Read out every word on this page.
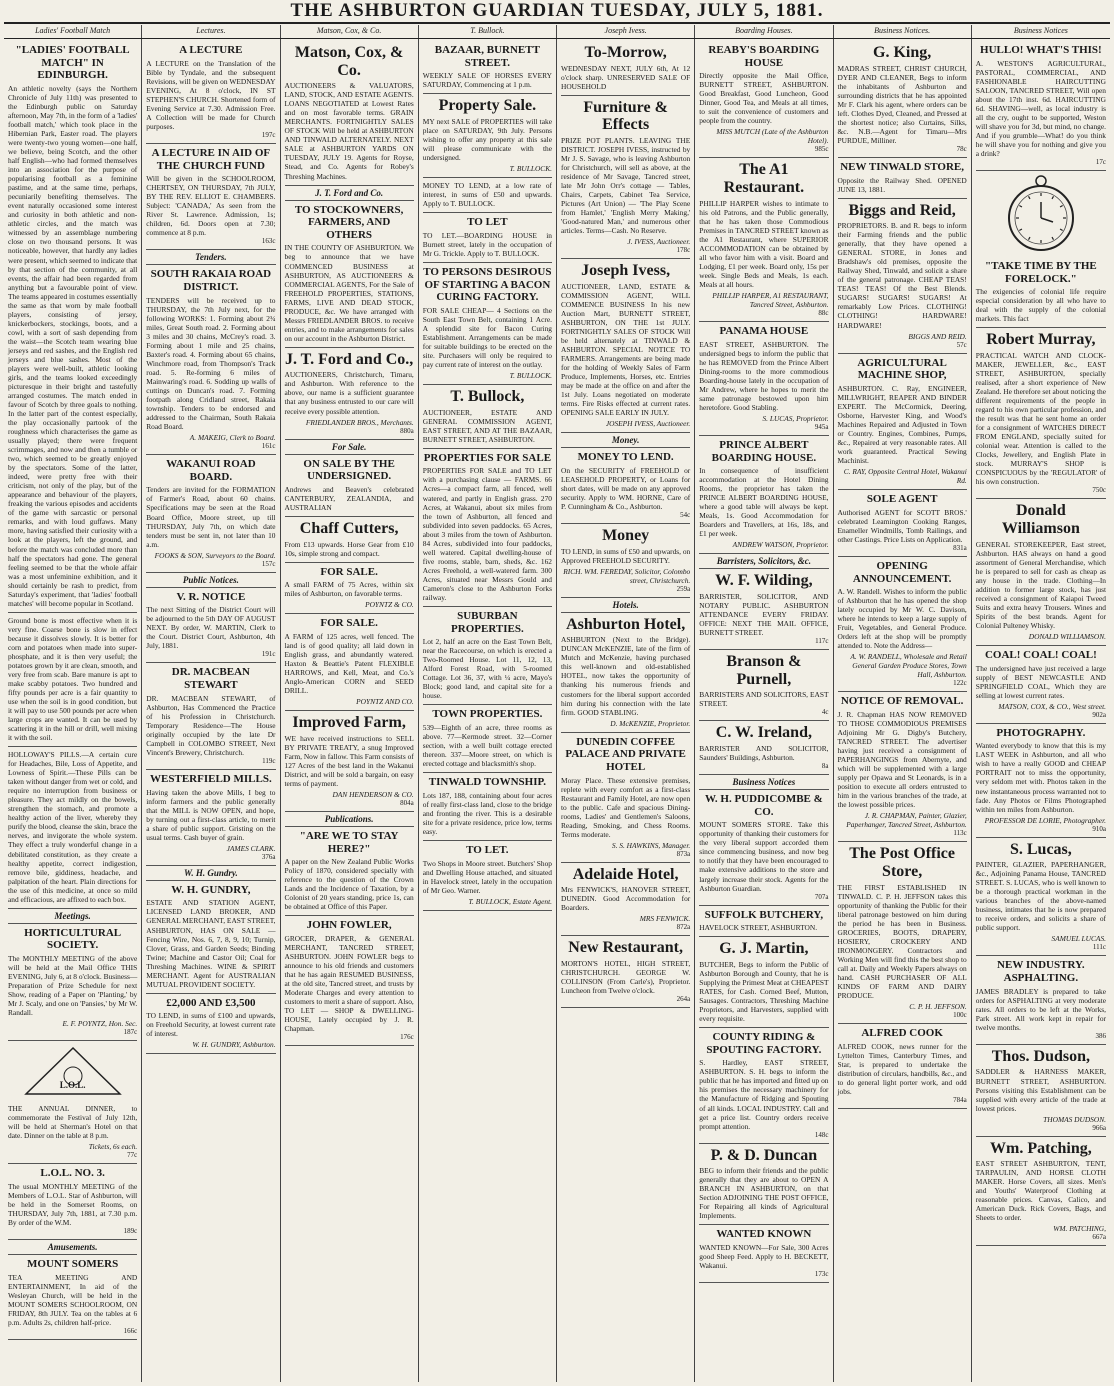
THE ASHBURTON GUARDIAN TUESDAY, JULY 5, 1881.
Ladies' Football Match	Lectures.	Matson, Cox, & Co.	T. Bullock.	Joseph Ivess.	Boarding Houses.	Business Notices.	Business Notices
"LADIES' FOOTBALL MATCH" IN EDINBURGH.
An athletic novelty (says the Northern Chronicle of July 11th) was presented to the Edinburgh public on Saturday afternoon, May 7th, in the form of a 'ladies' football match,' which took place in the Hibernian Park, Easter road. The players were twenty-two young women—one half, we believe, being Scotch, and the other half English—who had formed themselves into an association for the purpose of popularising football as a feminine pastime, and at the same time, perhaps, pecuniarily benefiting themselves. The event naturally occasioned some interest and curiosity in both athletic and non-athletic circles, and the match was witnessed by an assemblage numbering close on two thousand persons. It was noticeable, however, that hardly any ladies were present, which seemed to indicate that by that section of the community, at all events, the affair had been regarded from anything but a favourable point of view. The teams appeared in costumes essentially the same as that worn by male football players, consisting of jersey, knickerbockers, stockings, boots, and a cowl, with a sort of sash depending from the waist—the Scotch team wearing blue jerseys and red sashes, and the English red jerseys and blue sashes. Most of the players were well-built, athletic looking girls, and the teams looked exceedingly picturesque in their bright and tastefully arranged costumes. The match ended in favour of Scotch by three goals to nothing. In the latter part of the contest especially, the play occasionally partook of the roughness which characterises the game as usually played; there were frequent scrimmages, and now and then a tumble or two, which seemed to be greatly enjoyed by the spectators. Some of the latter, indeed, were pretty free with their criticism, not only of the play, but of the appearance and behaviour of the players, freaking the various episodes and accidents of the game with sarcastic or personal remarks, and with loud guffaws. Many more, having satisfied their curiosity with a look at the players, left the ground, and before the match was concluded more than half the spectators had gone. The general feeling seemed to be that the whole affair was a most unfeminine exhibition, and it should certainly be rash to predict, from Saturday's experiment, that 'ladies' football matches' will become popular in Scotland.
Ground bone is most effective when it is very fine. Coarse bone is slow in effect because it dissolves slowly. It is better for corn and potatoes when made into super-phosphate, and it is then very useful; the potatoes grown by it are clean, smooth, and very free from scab. Bare manure is apt to make scabby potatoes. Two hundred and fifty pounds per acre is a fair quantity to use when the soil is in good condition, but it will pay to use 500 pounds per acre when large crops are wanted. It can be used by scattering it in the hill or drill, well mixing it with the soil.
HOLLOWAY'S PILLS.—A certain cure for Headaches, Bile, Loss of Appetite, and Lowness of Spirit.—These Pills can be taken without danger from wet or cold, and require no interruption from business or pleasure. They act mildly on the bowels, strengthen the stomach, and promote a healthy action of the liver, whereby they purify the blood, cleanse the skin, brace the nerves, and invigorate the whole system. They effect a truly wonderful change in a debilitated constitution, as they create a healthy appetite, correct indigestion, remove bile, giddiness, headache, and palpitation of the heart. Plain directions for the use of this medicine, at once so mild and efficacious, are affixed to each box.
Meetings.
HORTICULTURAL SOCIETY.
The MONTHLY MEETING of the above will be held at the Mail Office THIS EVENING, July 6, at 8 o'clock. Business—Preparation of Prize Schedule for next Show, reading of a Paper on 'Planting,' by Mr J. Scaly, and one on 'Pansies,' by Mr W. Randall.
E. F. POYNTZ, Hon. Sec.
187c
L.O.L.
THE ANNUAL DINNER, to commemorate the Festival of July 12th, will be held at Sherman's Hotel on that date. Dinner on the table at 8 p.m.
Tickets, 6s each.
77c
L.O.L. NO. 3.
The usual MONTHLY MEETING of the Members of L.O.L. Star of Ashburton, will be held in the Somerset Rooms, on THURSDAY, July 7th, 1881, at 7.30 p.m. By order of the W.M.
189c
Amusements.
MOUNT SOMERS
TEA MEETING AND ENTERTAINMENT, In aid of the Wesleyan Church, will be held in the MOUNT SOMERS SCHOOLROOM, ON FRIDAY, 8th JULY. Tea on the tables at 6 p.m. Adults 2s, children half-price.
166c
A LECTURE
A LECTURE on the Translation of the Bible by Tyndale, and the subsequent Revisions, will be given on WEDNESDAY EVENING, At 8 o'clock, IN ST STEPHEN'S CHURCH. Shortened form of Evening Service at 7.30. Admission Free. A Collection will be made for Church purposes.
197c
A LECTURE IN AID OF THE CHURCH FUND
Will be given in the SCHOOLROOM, CHERTSEY, ON THURSDAY, 7th JULY, BY THE REV. ELLIOT E. CHAMBERS. Subject: 'CANADA,' As seen from the River St. Lawrence. Admission, 1s; children, 6d. Doors open at 7.30; commence at 8 p.m.
163c
Tenders.
SOUTH RAKAIA ROAD DISTRICT.
TENDERS will be received up to THURSDAY, the 7th July next, for the following WORKS: 1. Forming about 2¾ miles, Great South road. 2. Forming about 3 miles and 30 chains, McCrey's road. 3. Forming about 1 mile and 25 chains, Baxter's road. 4. Forming about 65 chains, Winchmore road, from Thompson's Track road. 5. Re-forming 6 miles of Mainwaring's road. 6. Sodding up walls of cuttings on Duncan's road. 7. Forming footpath along Cridland street, Rakaia township. Tenders to be endorsed and addressed to the Chairman, South Rakaia Road Board.
A. MAKEIG, Clerk to Board.
161c
WAKANUI ROAD BOARD.
Tenders are invited for the FORMATION of Farmer's Road, about 60 chains. Specifications may be seen at the Road Board Office, Moore street, up till THURSDAY, July 7th, on which date tenders must be sent in, not later than 10 a.m.
FOOKS & SON, Surveyors to the Board.
157c
Public Notices.
V. R. NOTICE
The next Sitting of the District Court will be adjourned to the 5th DAY OF AUGUST NEXT. By order, W. MARTIN, Clerk to the Court. District Court, Ashburton, 4th July, 1881.
191c
DR. MACBEAN STEWART
DR. MACBEAN STEWART, of Ashburton, Has Commenced the Practice of his Profession in Christchurch. Temporary Residence—The House originally occupied by the late Dr Campbell in COLOMBO STREET, Next Vincent's Brewery, Christchurch.
119c
WESTERFIELD MILLS.
Having taken the above Mills, I beg to inform farmers and the public generally that the MILL is NOW OPEN, and hope, by turning out a first-class article, to merit a share of public support. Gristing on the usual terms. Cash buyer of grain.
JAMES CLARK.
376a
W. H. Gundry.
W. H. GUNDRY,
ESTATE AND STATION AGENT, LICENSED LAND BROKER, AND GENERAL MERCHANT, EAST STREET, ASHBURTON, HAS ON SALE — Fencing Wire, Nos. 6, 7, 8, 9, 10; Turnip, Clover, Grass, and Garden Seeds; Binding Twine; Machine and Castor Oil; Coal for Threshing Machines. WINE & SPIRIT MERCHANT. Agent for AUSTRALIAN MUTUAL PROVIDENT SOCIETY.
£2,000 AND £3,500
TO LEND, in sums of £100 and upwards, on Freehold Security, at lowest current rate of interest.
W. H. GUNDRY, Ashburton.
Matson, Cox, & Co.
AUCTIONEERS & VALUATORS, LAND, STOCK, AND ESTATE AGENTS. LOANS NEGOTIATED at Lowest Rates and on most favorable terms. GRAIN MERCHANTS. FORTNIGHTLY SALES OF STOCK Will be held at ASHBURTON AND TINWALD ALTERNATELY. NEXT SALE at ASHBURTON YARDS ON TUESDAY, JULY 19. Agents for Royse, Stead, and Co. Agents for Robey's Threshing Machines.
J. T. Ford and Co.
TO STOCKOWNERS, FARMERS, AND OTHERS
IN THE COUNTY OF ASHBURTON. We beg to announce that we have COMMENCED BUSINESS at ASHBURTON, AS AUCTIONEERS & COMMERCIAL AGENTS, For the Sale of FREEHOLD PROPERTIES, STATIONS, FARMS, LIVE AND DEAD STOCK, PRODUCE, &c. We have arranged with Messrs FRIEDLANDER BROS. to receive entries, and to make arrangements for sales on our account in the Ashburton District.
J. T. Ford and Co.,
AUCTIONEERS, Christchurch, Timaru, and Ashburton. With reference to the above, our name is a sufficient guarantee that any business entrusted to our care will receive every possible attention.
FRIEDLANDER BROS., Merchants.
880a
For Sale.
ON SALE BY THE UNDERSIGNED.
Andrews and Beaven's celebrated CANTERBURY, ZEALANDIA, and AUSTRALIAN
Chaff Cutters,
From £13 upwards. Horse Gear from £10 10s, simple strong and compact.
FOR SALE.
A small FARM of 75 Acres, within six miles of Ashburton, on favorable terms.
POYNTZ & CO.
FOR SALE.
A FARM of 125 acres, well fenced. The land is of good quality; all laid down in English grass, and abundantly watered. Haxton & Beattie's Patent FLEXIBLE HARROWS, and Kell, Meat, and Co.'s Anglo-American CORN and SEED DRILL.
POYNTZ AND CO.
Improved Farm,
WE have received instructions to SELL BY PRIVATE TREATY, a snug Improved Farm, Now in fallow. This Farm consists of 127 Acres of the best land in the Wakanui District, and will be sold a bargain, on easy terms of payment.
DAN HENDERSON & CO.
804a
Publications.
"ARE WE TO STAY HERE?"
A paper on the New Zealand Public Works Policy of 1870, considered specially with reference to the question of the Crown Lands and the Incidence of Taxation, by a Colonist of 20 years standing, price 1s, can be obtained at Office of this Paper.
JOHN FOWLER,
GROCER, DRAPER, & GENERAL MERCHANT, TANCRED STREET, ASHBURTON. JOHN FOWLER begs to announce to his old friends and customers that he has again RESUMED BUSINESS, at the old site, Tancred street, and trusts by Moderate Charges and every attention to customers to merit a share of support. Also, TO LET — SHOP & DWELLING-HOUSE, Lately occupied by J. R. Chapman.
176c
BAZAAR, BURNETT STREET.
WEEKLY SALE OF HORSES EVERY SATURDAY, Commencing at 1 p.m.
Property Sale.
MY next SALE of PROPERTIES will take place on SATURDAY, 9th July. Persons wishing to offer any property at this sale will please communicate with the undersigned.
T. BULLOCK.
MONEY TO LEND, at a low rate of interest, in sums of £50 and upwards. Apply to T. BULLOCK.
TO LET
TO LET.—BOARDING HOUSE in Burnett street, lately in the occupation of Mr G. Trickle. Apply to T. BULLOCK.
TO PERSONS DESIROUS OF STARTING A BACON CURING FACTORY.
FOR SALE CHEAP— 4 Sections on the South East Town Belt, containing 1 Acre. A splendid site for Bacon Curing Establishment. Arrangements can be made for suitable buildings to be erected on the site. Purchasers will only be required to pay current rate of interest on the outlay.
T. BULLOCK.
T. Bullock,
AUCTIONEER, ESTATE AND GENERAL COMMISSION AGENT, EAST STREET, AND AT THE BAZAAR, BURNETT STREET, ASHBURTON.
PROPERTIES FOR SALE
PROPERTIES FOR SALE and TO LET with a purchasing clause — FARMS. 66 Acres—a compact farm, all fenced, well watered, and partly in English grass. 270 Acres, at Wakanui, about six miles from the town of Ashburton, all fenced and subdivided into seven paddocks. 65 Acres, about 3 miles from the town of Ashburton. 84 Acres, subdivided into four paddocks, well watered. Capital dwelling-house of five rooms, stable, barn, sheds, &c. 162 Acres Freehold, a well-watered farm. 300 Acres, situated near Messrs Gould and Cameron's close to the Ashburton Forks railway.
SUBURBAN PROPERTIES.
Lot 2, half an acre on the East Town Belt, near the Racecourse, on which is erected a Two-Roomed House. Lot 11, 12, 13, Alford Forest Road, with 5-roomed Cottage. Lot 36, 37, with ¼ acre, Mayo's Block; good land, and capital site for a house.
TOWN PROPERTIES.
539—Eighth of an acre, three rooms as above. 77—Kermode street. 32—Corner section, with a well built cottage erected thereon. 337—Moore street, on which is erected cottage and blacksmith's shop.
TINWALD TOWNSHIP.
Lots 187, 188, containing about four acres of really first-class land, close to the bridge and fronting the river. This is a desirable site for a private residence, price low, terms easy.
TO LET.
Two Shops in Moore street. Butchers' Shop and Dwelling House attached, and situated in Havelock street, lately in the occupation of Mr Geo. Warner.
T. BULLOCK, Estate Agent.
To-Morrow,
WEDNESDAY NEXT, JULY 6th, At 12 o'clock sharp. UNRESERVED SALE OF HOUSEHOLD
Furniture & Effects
PRIZE POT PLANTS. LEAVING THE DISTRICT. JOSEPH IVESS, instructed by Mr J. S. Savage, who is leaving Ashburton for Christchurch, will sell as above, at the residence of Mr Savage, Tancred street, late Mr John Orr's cottage — Tables, Chairs, Carpets, Cabinet Tea Service, Pictures (Art Union) — 'The Play Scene from Hamlet,' 'English Merry Making,' 'Good-natured Man,' and numerous other articles. Terms—Cash. No Reserve.
J. IVESS, Auctioneer.
178c
Joseph Ivess,
AUCTIONEER, LAND, ESTATE & COMMISSION AGENT, WILL COMMENCE BUSINESS In his new Auction Mart, BURNETT STREET, ASHBURTON, ON THE 1st JULY. FORTNIGHTLY SALES OF STOCK Will be held alternately at TINWALD & ASHBURTON. SPECIAL NOTICE TO FARMERS. Arrangements are being made for the holding of Weekly Sales of Farm Produce, Implements, Horses, etc. Entries may be made at the office on and after the 1st July. Loans negotiated on moderate terms. Fire Risks effected at current rates. OPENING SALE EARLY IN JULY.
JOSEPH IVESS, Auctioneer.
Money.
MONEY TO LEND.
On the SECURITY of FREEHOLD or LEASEHOLD PROPERTY, or Loans for short dates, will be made on any approved security. Apply to WM. HORNE, Care of P. Cunningham & Co., Ashburton.
54c
Money
TO LEND, in sums of £50 and upwards, on Approved FREEHOLD SECURITY.
RICH. WM. FEREDAY, Solicitor, Colombo street, Christchurch.
259a
Hotels.
Ashburton Hotel,
ASHBURTON (Next to the Bridge). DUNCAN McKENZIE, late of the firm of Mutch and McKenzie, having purchased this well-known and old-established HOTEL, now takes the opportunity of thanking his numerous friends and customers for the liberal support accorded him during his connection with the late firm. GOOD STABLING.
D. McKENZIE, Proprietor.
DUNEDIN COFFEE PALACE AND PRIVATE HOTEL
Moray Place. These extensive premises, replete with every comfort as a first-class Restaurant and Family Hotel, are now open to the public. Cafe and spacious Dining-rooms, Ladies' and Gentlemen's Saloons, Reading, Smoking, and Chess Rooms. Terms moderate.
S. S. HAWKINS, Manager.
873a
Adelaide Hotel,
Mrs FENWICK'S, HANOVER STREET, DUNEDIN. Good Accommodation for Boarders.
MRS FENWICK.
872a
New Restaurant,
MORTON'S HOTEL, HIGH STREET, CHRISTCHURCH. GEORGE W. COLLINSON (From Carle's), Proprietor. Luncheon from Twelve o'clock.
264a
REABY'S BOARDING HOUSE
Directly opposite the Mail Office, BURNETT STREET, ASHBURTON. Good Breakfast, Good Luncheon, Good Dinner, Good Tea, and Meals at all times, to suit the convenience of customers and people from the country.
MISS MUTCH (Late of the Ashburton Hotel).
985c
The A1 Restaurant.
PHILLIP HARPER wishes to intimate to his old Patrons, and the Public generally, that he has taken those Commodious Premises in TANCRED STREET known as the A1 Restaurant, where SUPERIOR ACCOMMODATION can be obtained by all who favor him with a visit. Board and Lodging, £1 per week. Board only, 15s per week. Single Beds and Meals, 1s each. Meals at all hours.
PHILLIP HARPER, A1 RESTAURANT, Tancred Street, Ashburton.
88c
PANAMA HOUSE
EAST STREET, ASHBURTON. The undersigned begs to inform the public that he has REMOVED from the Prince Albert Dining-rooms to the more commodious Boarding-house lately in the occupation of Mr Andrew, where he hopes to merit the same patronage bestowed upon him heretofore. Good Stabling.
S. LUCAS, Proprietor.
945a
PRINCE ALBERT BOARDING HOUSE.
In consequence of insufficient accommodation at the Hotel Dining Rooms, the proprietor has taken the PRINCE ALBERT BOARDING HOUSE, where a good table will always be kept. Meals, 1s. Good Accommodation for Boarders and Travellers, at 16s, 18s, and £1 per week.
ANDREW WATSON, Proprietor.
Barristers, Solicitors, &c.
W. F. Wilding,
BARRISTER, SOLICITOR, AND NOTARY PUBLIC. ASHBURTON ATTENDANCE EVERY FRIDAY. OFFICE: NEXT THE MAIL OFFICE, BURNETT STREET.
117c
Branson & Purnell,
BARRISTERS AND SOLICITORS, EAST STREET.
4c
C. W. Ireland,
BARRISTER AND SOLICITOR, Saunders' Buildings, Ashburton.
8a
Business Notices
W. H. PUDDICOMBE & CO.
MOUNT SOMERS STORE. Take this opportunity of thanking their customers for the very liberal support accorded them since commencing business, and now beg to notify that they have been encouraged to make extensive additions to the store and largely increase their stock. Agents for the Ashburton Guardian.
707a
SUFFOLK BUTCHERY,
HAVELOCK STREET, ASHBURTON.
G. J. Martin,
BUTCHER, Begs to inform the Public of Ashburton Borough and County, that he is Supplying the Primest Meat at CHEAPEST RATES, for Cash. Corned Beef, Mutton, Sausages. Contractors, Threshing Machine Proprietors, and Harvesters, supplied with every requisite.
COUNTY RIDING & SPOUTING FACTORY.
S. Hardley, EAST STREET, ASHBURTON. S. H. begs to inform the public that he has imported and fitted up on his premises the necessary machinery for the Manufacture of Ridging and Spouting of all kinds. LOCAL INDUSTRY. Call and get a price list. Country orders receive prompt attention.
148c
P. & D. Duncan
BEG to inform their friends and the public generally that they are about to OPEN A BRANCH IN ASHBURTON, on that Section ADJOINING THE POST OFFICE, For Repairing all kinds of Agricultural Implements.
WANTED KNOWN
WANTED KNOWN—For Sale, 300 Acres good Sheep Feed. Apply to H. BECKETT, Wakanui.
173c
G. King,
MADRAS STREET, CHRIST CHURCH, DYER AND CLEANER, Begs to inform the inhabitants of Ashburton and surrounding districts that he has appointed Mr F. Clark his agent, where orders can be left. Clothes Dyed, Cleaned, and Pressed at the shortest notice; also Curtains, Silks, &c. N.B.—Agent for Timaru—Mrs PURDUE, Milliner.
78c
NEW TINWALD STORE,
Opposite the Railway Shed. OPENED JUNE 13, 1881.
Biggs and Reid,
PROPRIETORS. B. and R. begs to inform their Farming friends and the public generally, that they have opened a GENERAL STORE, in Jones and Bradshaw's old premises, opposite the Railway Shed, Tinwald, and solicit a share of the general patronage. CHEAP TEAS! TEAS! TEAS! Of the Best Blends. SUGARS! SUGARS! SUGARS! At remarkably Low Prices. CLOTHING! CLOTHING! HARDWARE! HARDWARE!
BIGGS AND REID.
57c
AGRICULTURAL MACHINE SHOP,
ASHBURTON. C. Ray, ENGINEER, MILLWRIGHT, REAPER AND BINDER EXPERT. The McCormick, Deering, Osborne, Harvester King, and Wood's Machines Repaired and Adjusted in Town or Country. Engines, Combines, Pumps, &c., Repaired at very reasonable rates. All work guaranteed. Practical Sewing Machinist.
C. RAY, Opposite Central Hotel, Wakanui Rd.
SOLE AGENT
Authorised AGENT for SCOTT BROS.' celebrated Leamington Cooking Ranges, Enameller Windmills, Tomb Railings, and other Castings. Price Lists on Application.
831a
OPENING ANNOUNCEMENT.
A. W. Randell. Wishes to inform the public of Ashburton that he has opened the shop lately occupied by Mr W. C. Davison, where he intends to keep a large supply of Fruit, Vegetables, and General Produce. Orders left at the shop will be promptly attended to. Note the Address—
A. W. RANDELL, Wholesale and Retail General Garden Produce Stores, Town Hall, Ashburton.
122c
NOTICE OF REMOVAL.
J. R. Chapman HAS NOW REMOVED TO THOSE COMMODIOUS PREMISES Adjoining Mr G. Digby's Butchery, TANCRED STREET. The advertiser having just received a consignment of PAPERHANGINGS from Abernyte, and which will be supplemented with a large supply per Opawa and St Leonards, is in a position to execute all orders entrusted to him in the various branches of the trade, at the lowest possible prices.
J. R. CHAPMAN, Painter, Glazier, Paperhanger, Tancred Street, Ashburton.
113c
The Post Office Store,
THE FIRST ESTABLISHED IN TINWALD. C. P. H. JEFFSON takes this opportunity of thanking the Public for their liberal patronage bestowed on him during the period he has been in Business. GROCERIES, BOOTS, DRAPERY, HOSIERY, CROCKERY AND IRONMONGERY. Contractors and Working Men will find this the best shop to call at. Daily and Weekly Papers always on hand. CASH PURCHASER OF ALL KINDS OF FARM AND DAIRY PRODUCE.
C. P. H. JEFFSON.
100c
ALFRED COOK
ALFRED COOK, news runner for the Lyttelton Times, Canterbury Times, and Star, is prepared to undertake the distribution of circulars, handbills, &c., and to do general light porter work, and odd jobs.
784a
HULLO! WHAT'S THIS!
A. WESTON'S AGRICULTURAL, PASTORAL, COMMERCIAL, AND FASHIONABLE HAIRCUTTING SALOON, TANCRED STREET, Will open about the 17th inst. 6d. HAIRCUTTING 6d. SHAVING—well, as local industry is all the cry, ought to be supported, Weston will shave you for 3d, but mind, no change. And if you grumble—What! do you think he will shave you for nothing and give you a drink?
17c
"TAKE TIME BY THE FORELOCK."
The exigencies of colonial life require especial consideration by all who have to deal with the supply of the colonial markets. This fact
Robert Murray,
PRACTICAL WATCH AND CLOCK-MAKER, JEWELLER, &c., EAST STREET, ASHBURTON, specially realised, after a short experience of New Zealand. He therefore set about noticing the different requirements of the people in regard to his own particular profession, and the result was that he sent home an order for a consignment of WATCHES DIRECT FROM ENGLAND, specially suited for colonial wear. Attention is called to the Clocks, Jewellery, and English Plate in stock. MURRAY'S SHOP is CONSPICUOUS by the 'REGULATOR' of his own construction.
750c
Donald Williamson
GENERAL STOREKEEPER, East street, Ashburton. HAS always on hand a good assortment of General Merchandise, which he is prepared to sell for cash as cheap as any house in the trade. Clothing—In addition to former large stock, has just received a consignment of Kaiapoi Tweed Suits and extra heavy Trousers. Wines and Spirits of the best brands. Agent for Colonial Pulteney Whisky.
DONALD WILLIAMSON.
COAL! COAL! COAL!
The undersigned have just received a large supply of BEST NEWCASTLE AND SPRINGFIELD COAL, Which they are selling at lowest current rates.
MATSON, COX, & CO., West street.
902a
PHOTOGRAPHY.
Wanted everybody to know that this is my LAST WEEK in Ashburton, and all who wish to have a really GOOD and CHEAP PORTRAIT not to miss the opportunity, very seldom met with. Photos taken in the new instantaneous process warranted not to fade. Any Photos or Films Photographed within ten miles from Ashburton.
PROFESSOR DE LORIE, Photographer.
910a
S. Lucas,
PAINTER, GLAZIER, PAPERHANGER, &c., Adjoining Panama House, TANCRED STREET. S. LUCAS, who is well known to be a thorough practical workman in the various branches of the above-named business, intimates that he is now prepared to receive orders, and solicits a share of public support.
SAMUEL LUCAS.
111c
NEW INDUSTRY. ASPHALTING.
JAMES BRADLEY is prepared to take orders for ASPHALTING at very moderate rates. All orders to be left at the Works, Park street. All work kept in repair for twelve months.
386
Thos. Dudson,
SADDLER & HARNESS MAKER, BURNETT STREET, ASHBURTON. Persons visiting this Establishment can be supplied with every article of the trade at lowest prices.
THOMAS DUDSON.
966a
Wm. Patching,
EAST STREET ASHBURTON, TENT, TARPAULIN, AND HORSE CLOTH MAKER. Horse Covers, all sizes. Men's and Youths' Waterproof Clothing at reasonable prices. Canvas, Calico, and American Duck. Rick Covers, Bags, and Sheets to order.
WM. PATCHING,
667a
